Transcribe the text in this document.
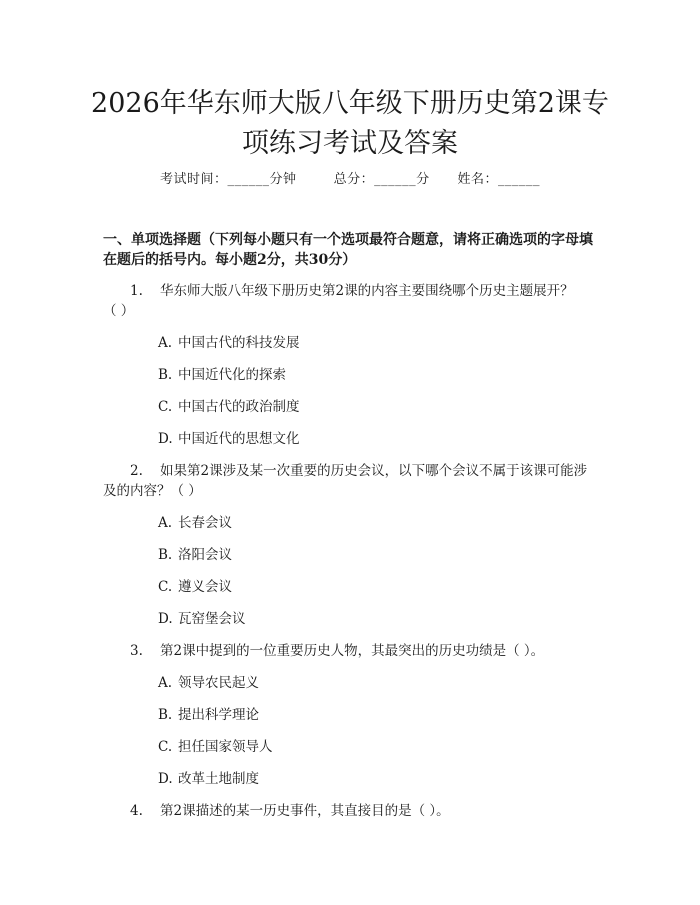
2026年华东师大版八年级下册历史第2课专
项练习考试及答案
考试时间：______分钟	总分：______分 姓名：______

一、单项选择题（下列每小题只有一个选项最符合题意，请将正确选项的字母填

在题后的括号内。每小题2分，共30分）

1. 华东师大版八年级下册历史第2课的内容主要围绕哪个历史主题展开？
（ ）
A. 中国古代的科技发展
B. 中国近代化的探索
C. 中国古代的政治制度
D. 中国近代的思想文化
2. 如果第2课涉及某一次重要的历史会议，以下哪个会议不属于该课可能涉
及的内容？（ ）
A. 长春会议
B. 洛阳会议
C. 遵义会议
D. 瓦窑堡会议
3. 第2课中提到的一位重要历史人物，其最突出的历史功绩是（ ）。
A. 领导农民起义
B. 提出科学理论
C. 担任国家领导人
D. 改革土地制度
4. 第2课描述的某一历史事件，其直接目的是（ ）。
